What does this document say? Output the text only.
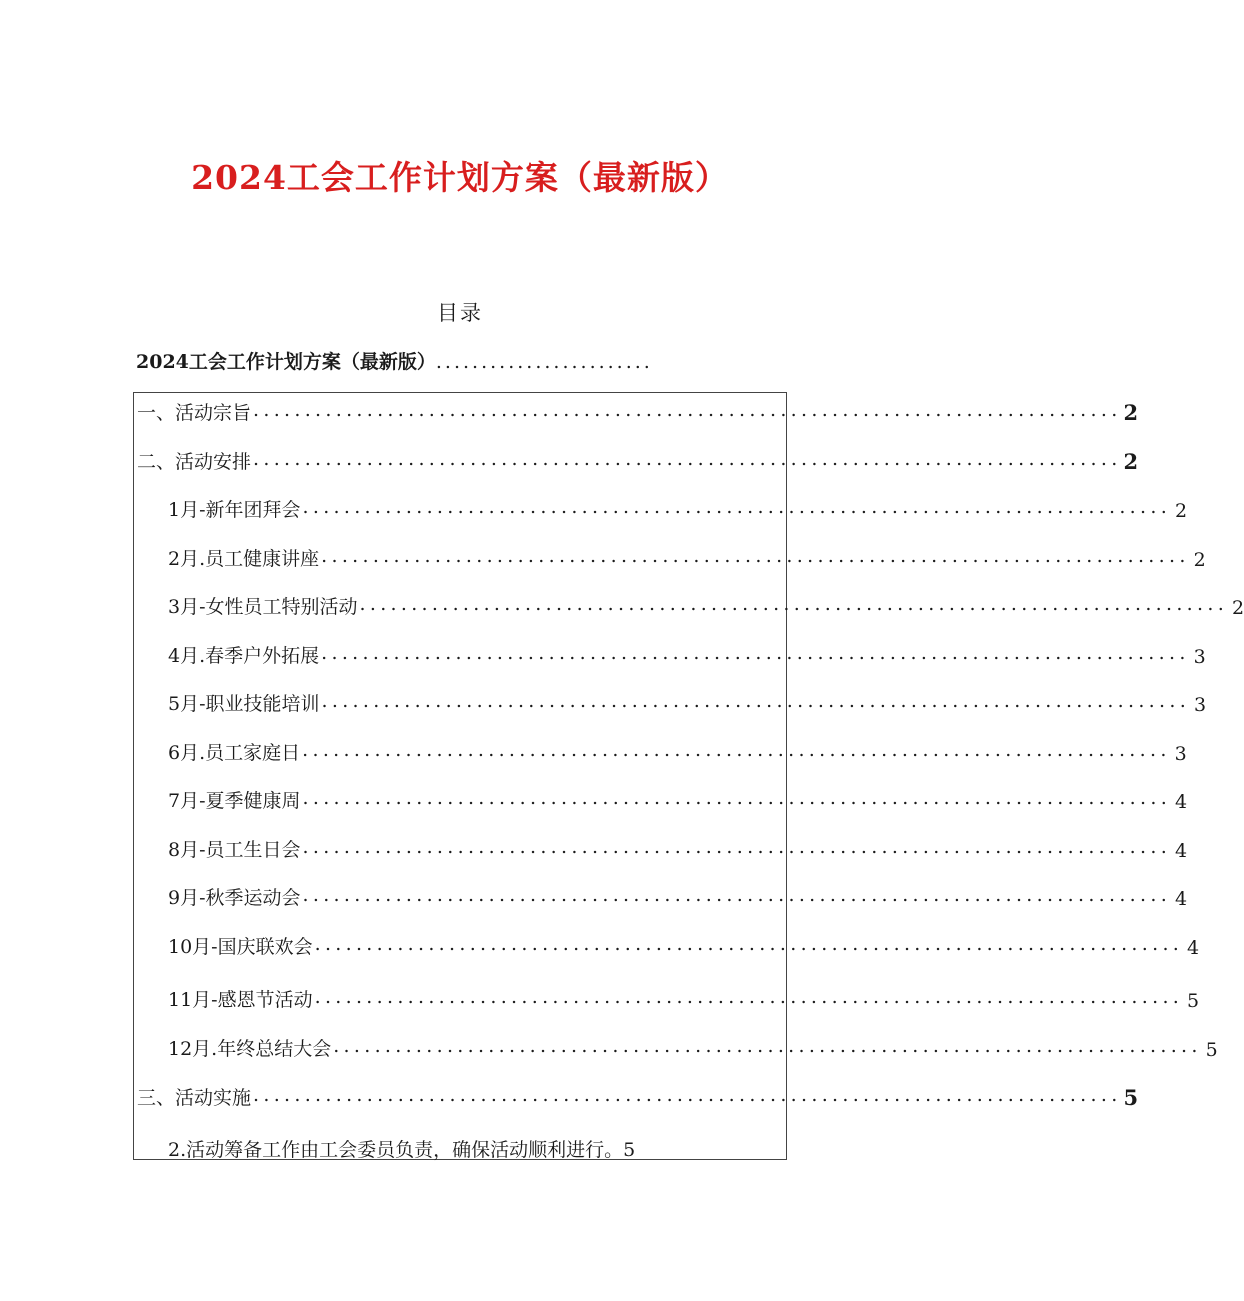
2024工会工作计划方案（最新版）
目录
2024工会工作计划方案（最新版）........................
一、活动宗旨 .................................................................................... 2
二、活动安排 .................................................................................... 2
1月-新年团拜会 .................................................................................... 2
2月.员工健康讲座 .................................................................................... 2
3月-女性员工特别活动 .................................................................................... 2
4月.春季户外拓展 .................................................................................... 3
5月-职业技能培训 .................................................................................... 3
6月.员工家庭日 .................................................................................... 3
7月-夏季健康周 .................................................................................... 4
8月-员工生日会 .................................................................................... 4
9月-秋季运动会 .................................................................................... 4
10月-国庆联欢会 .................................................................................... 4
11月-感恩节活动 .................................................................................... 5
12月.年终总结大会 .................................................................................... 5
三、活动实施 .................................................................................... 5
2.活动筹备工作由工会委员负责，确保活动顺利进行。5
